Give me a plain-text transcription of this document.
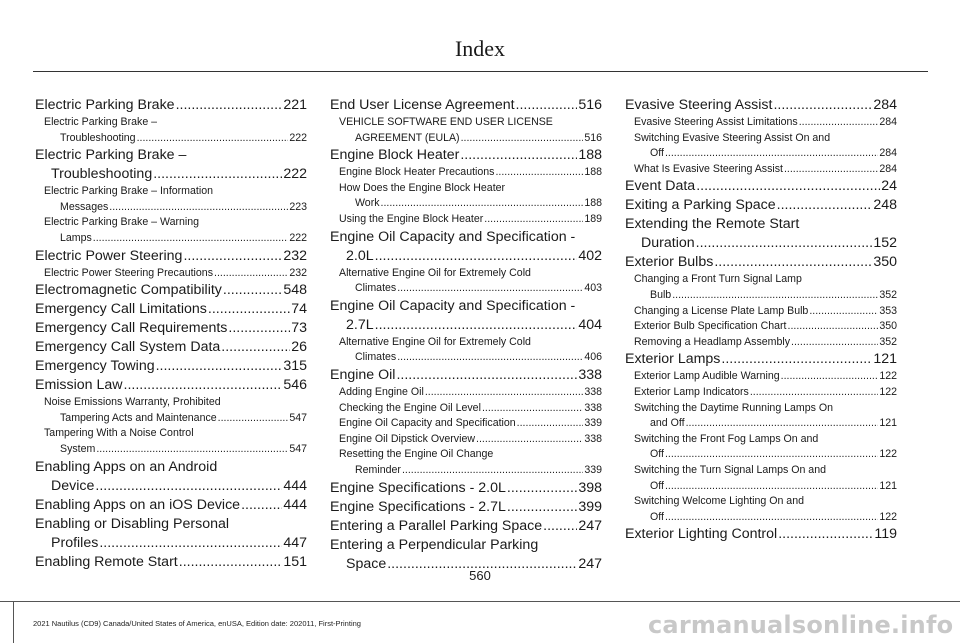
Index
Electric Parking Brake .....	221
Electric Parking Brake –
Troubleshooting .....	222
Electric Parking Brake –
Troubleshooting .....	222
Electric Parking Brake – Information
Messages .....	223
Electric Parking Brake – Warning
Lamps .....	222
Electric Power Steering .....	232
Electric Power Steering Precautions .....	232
Electromagnetic Compatibility .....	548
Emergency Call Limitations .....	74
Emergency Call Requirements .....	73
Emergency Call System Data .....	26
Emergency Towing .....	315
Emission Law .....	546
Noise Emissions Warranty, Prohibited
Tampering Acts and Maintenance .....	547
Tampering With a Noise Control
System .....	547
Enabling Apps on an Android
Device .....	444
Enabling Apps on an iOS Device .....	444
Enabling or Disabling Personal
Profiles .....	447
Enabling Remote Start .....	151
End User License Agreement .....	516
VEHICLE SOFTWARE END USER LICENSE
AGREEMENT (EULA) .....	516
Engine Block Heater .....	188
Engine Block Heater Precautions .....	188
How Does the Engine Block Heater
Work .....	188
Using the Engine Block Heater .....	189
Engine Oil Capacity and Specification -
2.0L .....	402
Alternative Engine Oil for Extremely Cold
Climates .....	403
Engine Oil Capacity and Specification -
2.7L .....	404
Alternative Engine Oil for Extremely Cold
Climates .....	406
Engine Oil .....	338
Adding Engine Oil .....	338
Checking the Engine Oil Level .....	338
Engine Oil Capacity and Specification .....	339
Engine Oil Dipstick Overview .....	338
Resetting the Engine Oil Change
Reminder .....	339
Engine Specifications - 2.0L .....	398
Engine Specifications - 2.7L .....	399
Entering a Parallel Parking Space .....	247
Entering a Perpendicular Parking
Space .....	247
Evasive Steering Assist .....	284
Evasive Steering Assist Limitations .....	284
Switching Evasive Steering Assist On and
Off .....	284
What Is Evasive Steering Assist .....	284
Event Data .....	24
Exiting a Parking Space .....	248
Extending the Remote Start
Duration .....	152
Exterior Bulbs .....	350
Changing a Front Turn Signal Lamp
Bulb .....	352
Changing a License Plate Lamp Bulb .....	353
Exterior Bulb Specification Chart .....	350
Removing a Headlamp Assembly .....	352
Exterior Lamps .....	121
Exterior Lamp Audible Warning .....	122
Exterior Lamp Indicators .....	122
Switching the Daytime Running Lamps On
and Off .....	121
Switching the Front Fog Lamps On and
Off .....	122
Switching the Turn Signal Lamps On and
Off .....	121
Switching Welcome Lighting On and
Off .....	122
Exterior Lighting Control .....	119
560
2021 Nautilus (CD9) Canada/United States of America, enUSA, Edition date: 202011, First-Printing	carmanualsonline.info
